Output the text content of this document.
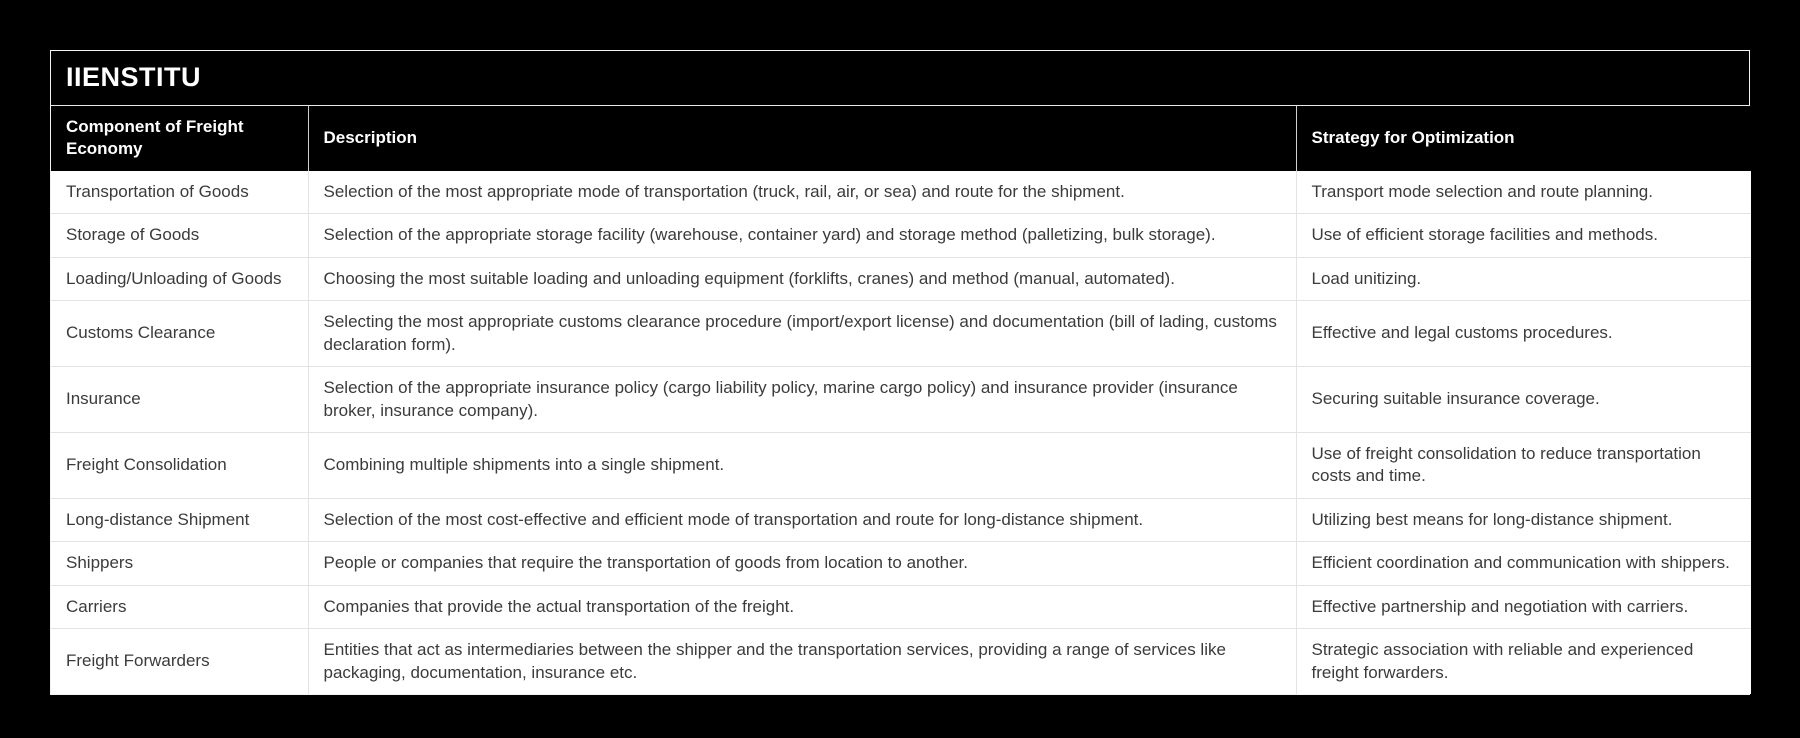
IIENSTITU
Component of Freight Economy	Description	Strategy for Optimization
Transportation of Goods	Selection of the most appropriate mode of transportation (truck, rail, air, or sea) and route for the shipment.	Transport mode selection and route planning.
Storage of Goods	Selection of the appropriate storage facility (warehouse, container yard) and storage method (palletizing, bulk storage).	Use of efficient storage facilities and methods.
Loading/Unloading of Goods	Choosing the most suitable loading and unloading equipment (forklifts, cranes) and method (manual, automated).	Load unitizing.
Customs Clearance	Selecting the most appropriate customs clearance procedure (import/export license) and documentation (bill of lading, customs declaration form).	Effective and legal customs procedures.
Insurance	Selection of the appropriate insurance policy (cargo liability policy, marine cargo policy) and insurance provider (insurance broker, insurance company).	Securing suitable insurance coverage.
Freight Consolidation	Combining multiple shipments into a single shipment.	Use of freight consolidation to reduce transportation costs and time.
Long-distance Shipment	Selection of the most cost-effective and efficient mode of transportation and route for long-distance shipment.	Utilizing best means for long-distance shipment.
Shippers	People or companies that require the transportation of goods from location to another.	Efficient coordination and communication with shippers.
Carriers	Companies that provide the actual transportation of the freight.	Effective partnership and negotiation with carriers.
Freight Forwarders	Entities that act as intermediaries between the shipper and the transportation services, providing a range of services like packaging, documentation, insurance etc.	Strategic association with reliable and experienced freight forwarders.
